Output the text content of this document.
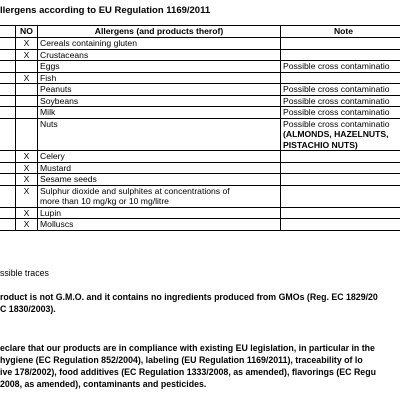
llergens according to EU Regulation 1169/2011
	NO	Allergens (and products therof)	Note
	X	Cereals containing gluten	
	X	Crustaceans	
		Eggs	Possible cross contaminatio
	X	Fish	
		Peanuts	Possible cross contaminatio
		Soybeans	Possible cross contaminatio
		Milk	Possible cross contaminatio
		Nuts	Possible cross contaminatio
(ALMONDS, HAZELNUTS,
PISTACHIO NUTS)

	X	Celery	
	X	Mustard	
	X	Sesame seeds	
	X	Sulphur dioxide and sulphites at concentrations of
more than 10 mg/kg or 10 mg/litre	

	X	Lupin	
	X	Molluscs	
ssible traces
roduct is not G.M.O. and it contains no ingredients produced from GMOs (Reg. EC 1829/20
C 1830/2003).
eclare that our products are in compliance with existing EU legislation, in particular in the
hygiene (EC Regulation 852/2004), labeling (EU Regulation 1169/2011), traceability of lo
ive 178/2002), food additives (EC Regulation 1333/2008, as amended), flavorings (EC Regu
2008, as amended), contaminants and pesticides.
